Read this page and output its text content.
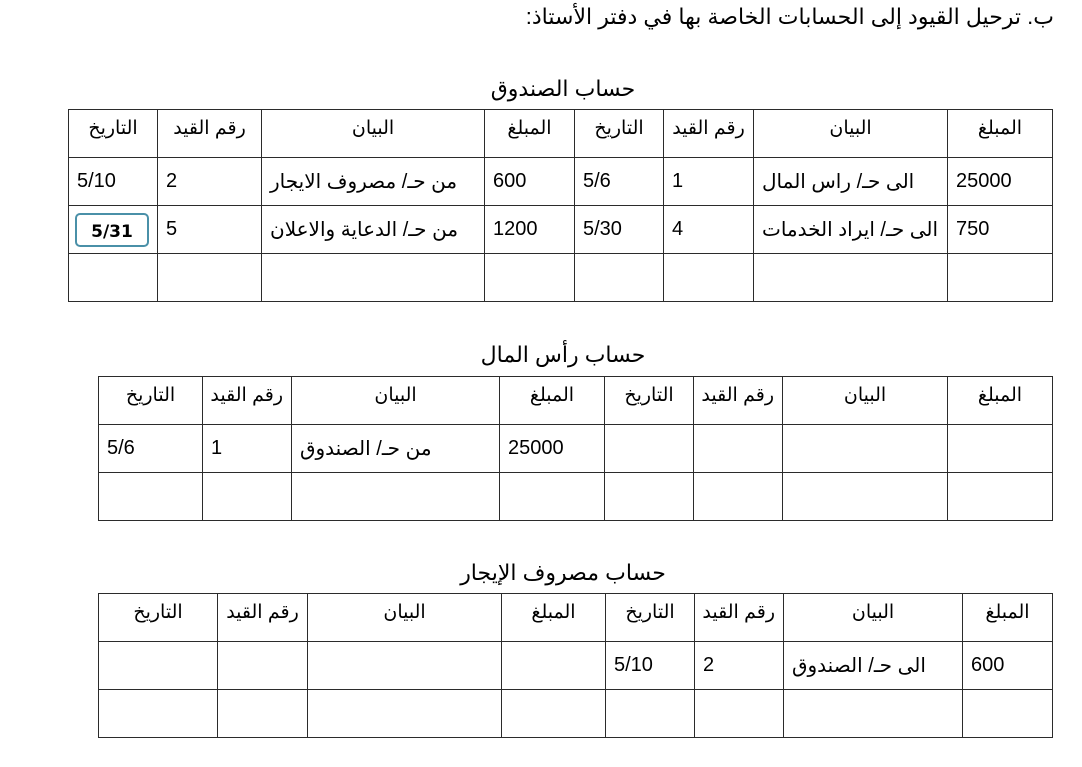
ب. ترحيل القيود إلى الحسابات الخاصة بها في دفتر الأستاذ:
حساب الصندوق
المبلغ	البيان	رقم القيد	التاريخ	المبلغ	البيان	رقم القيد	التاريخ
25000	الى حـ/ راس المال	1	5/6	600	من حـ/ مصروف الايجار	2	5/10
750	الى حـ/ ايراد الخدمات	4	5/30	1200	من حـ/ الدعاية والاعلان	5	5/31

حساب رأس المال
المبلغ	البيان	رقم القيد	التاريخ	المبلغ	البيان	رقم القيد	التاريخ
				25000	من حـ/ الصندوق	1	5/6

حساب مصروف الإيجار
المبلغ	البيان	رقم القيد	التاريخ	المبلغ	البيان	رقم القيد	التاريخ
600	الى حـ/ الصندوق	2	5/10				
